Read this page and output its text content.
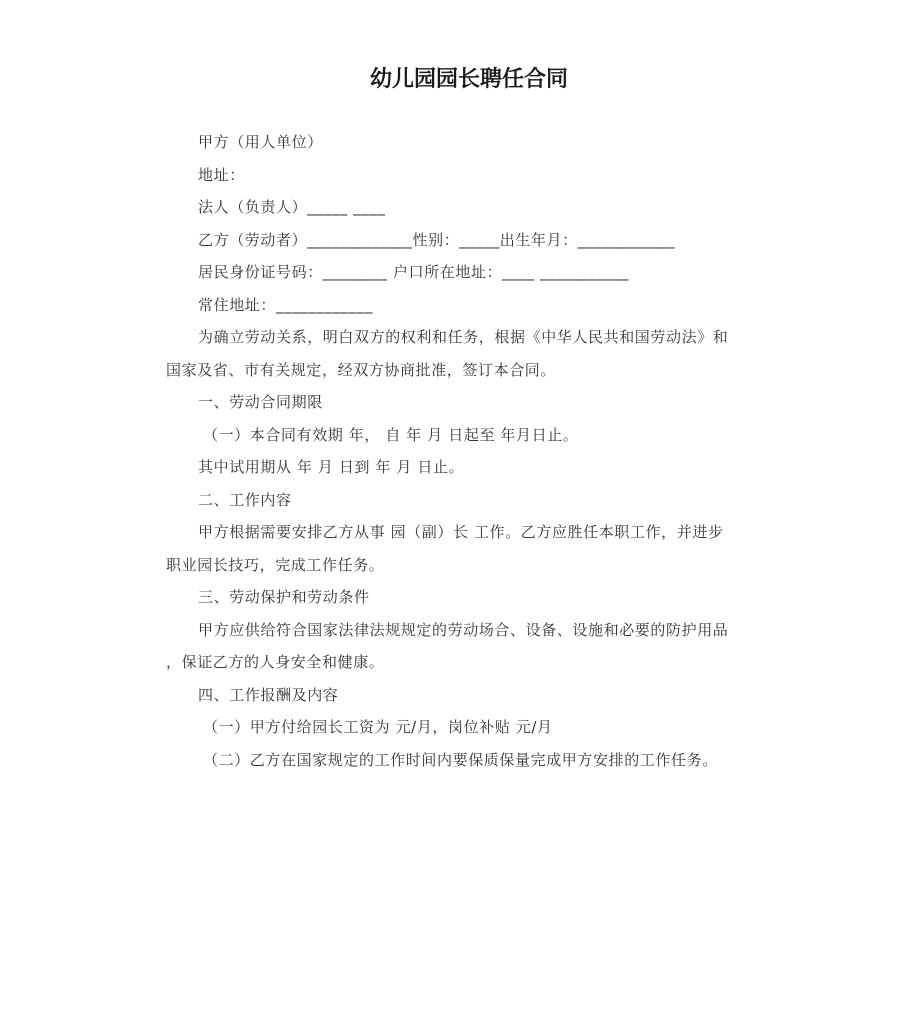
幼儿园园长聘任合同
甲方（用人单位）
地址：
法人（负责人）_____ ____
乙方（劳动者）_____________性别：_____出生年月：____________
居民身份证号码：________ 户口所在地址：____ ___________
常住地址：____________
为确立劳动关系，明白双方的权利和任务，根据《中华人民共和国劳动法》和
国家及省、市有关规定，经双方协商批准，签订本合同。
一、劳动合同期限
（一）本合同有效期 年， 自 年 月 日起至 年月日止。
其中试用期从 年 月 日到 年 月 日止。
二、工作内容
甲方根据需要安排乙方从事 园（副）长 工作。乙方应胜任本职工作，并进步
职业园长技巧，完成工作任务。
三、劳动保护和劳动条件
甲方应供给符合国家法律法规规定的劳动场合、设备、设施和必要的防护用品
，保证乙方的人身安全和健康。
四、工作报酬及内容
（一）甲方付给园长工资为 元/月，岗位补贴 元/月
（二）乙方在国家规定的工作时间内要保质保量完成甲方安排的工作任务。
